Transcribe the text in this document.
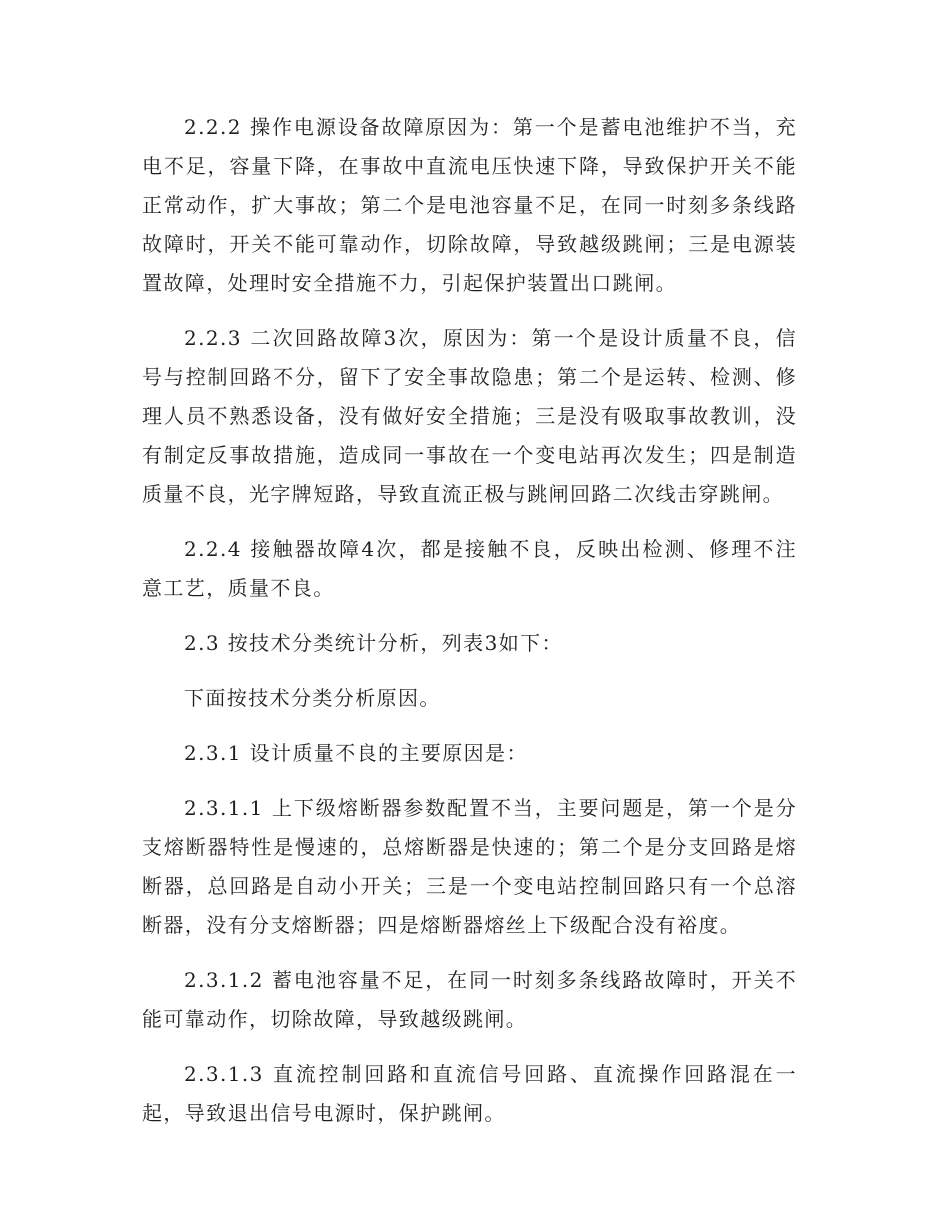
2.2.2 操作电源设备故障原因为：第一个是蓄电池维护不当，充电不足，容量下降，在事故中直流电压快速下降，导致保护开关不能正常动作，扩大事故；第二个是电池容量不足，在同一时刻多条线路故障时，开关不能可靠动作，切除故障，导致越级跳闸；三是电源装置故障，处理时安全措施不力，引起保护装置出口跳闸。

2.2.3 二次回路故障3次，原因为：第一个是设计质量不良，信号与控制回路不分，留下了安全事故隐患；第二个是运转、检测、修理人员不熟悉设备，没有做好安全措施；三是没有吸取事故教训，没有制定反事故措施，造成同一事故在一个变电站再次发生；四是制造质量不良，光字牌短路，导致直流正极与跳闸回路二次线击穿跳闸。

2.2.4 接触器故障4次，都是接触不良，反映出检测、修理不注意工艺，质量不良。

2.3 按技术分类统计分析，列表3如下：

下面按技术分类分析原因。

2.3.1 设计质量不良的主要原因是：

2.3.1.1 上下级熔断器参数配置不当，主要问题是，第一个是分支熔断器特性是慢速的，总熔断器是快速的；第二个是分支回路是熔断器，总回路是自动小开关；三是一个变电站控制回路只有一个总溶断器，没有分支熔断器；四是熔断器熔丝上下级配合没有裕度。

2.3.1.2 蓄电池容量不足，在同一时刻多条线路故障时，开关不能可靠动作，切除故障，导致越级跳闸。

2.3.1.3 直流控制回路和直流信号回路、直流操作回路混在一起，导致退出信号电源时，保护跳闸。
